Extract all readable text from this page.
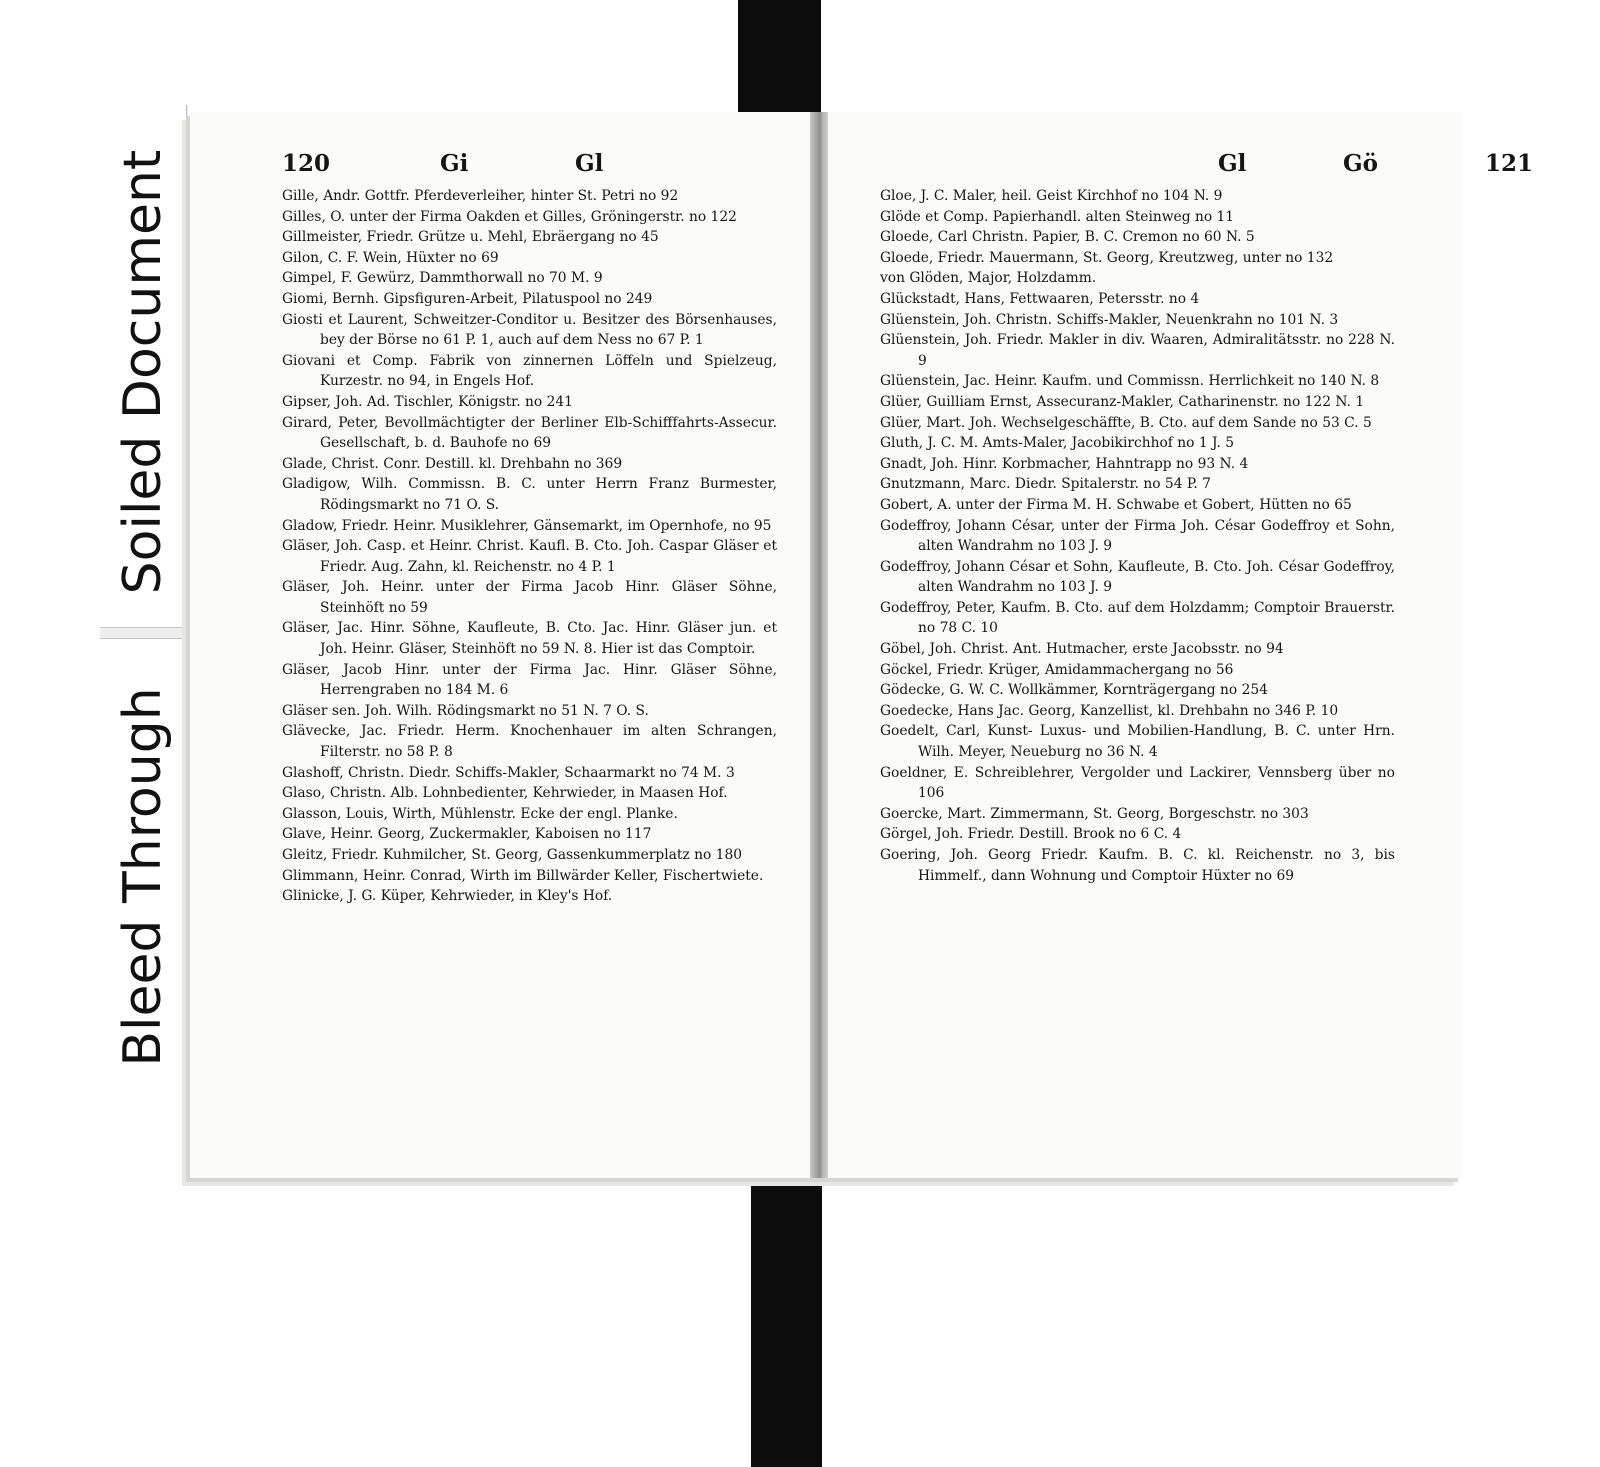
Soiled Document
Bleed Through
120	Gi	Gl

Gille, Andr. Gottfr. Pferdeverleiher, hinter St. Petri no 92

Gilles, O. unter der Firma Oakden et Gilles, Gröningerstr. no 122

Gillmeister, Friedr. Grütze u. Mehl, Ebräergang no 45

Gilon, C. F. Wein, Hüxter no 69

Gimpel, F. Gewürz, Dammthorwall no 70 M. 9

Giomi, Bernh. Gipsfiguren-Arbeit, Pilatuspool no 249

Giosti et Laurent, Schweitzer-Conditor u. Besitzer des Börsenhauses, bey der Börse no 61 P. 1, auch auf dem Ness no 67 P. 1

Giovani et Comp. Fabrik von zinnernen Löffeln und Spielzeug, Kurzestr. no 94, in Engels Hof.

Gipser, Joh. Ad. Tischler, Königstr. no 241

Girard, Peter, Bevollmächtigter der Berliner Elb-Schifffahrts-Assecur. Gesellschaft, b. d. Bauhofe no 69

Glade, Christ. Conr. Destill. kl. Drehbahn no 369

Gladigow, Wilh. Commissn. B. C. unter Herrn Franz Burmester, Rödingsmarkt no 71 O. S.

Gladow, Friedr. Heinr. Musiklehrer, Gänsemarkt, im Opernhofe, no 95

Gläser, Joh. Casp. et Heinr. Christ. Kaufl. B. Cto. Joh. Caspar Gläser et Friedr. Aug. Zahn, kl. Reichenstr. no 4 P. 1

Gläser, Joh. Heinr. unter der Firma Jacob Hinr. Gläser Söhne, Steinhöft no 59

Gläser, Jac. Hinr. Söhne, Kaufleute, B. Cto. Jac. Hinr. Gläser jun. et Joh. Heinr. Gläser, Steinhöft no 59 N. 8. Hier ist das Comptoir.

Gläser, Jacob Hinr. unter der Firma Jac. Hinr. Gläser Söhne, Herrengraben no 184 M. 6

Gläser sen. Joh. Wilh. Rödingsmarkt no 51 N. 7 O. S.

Glävecke, Jac. Friedr. Herm. Knochenhauer im alten Schrangen, Filterstr. no 58 P. 8

Glashoff, Christn. Diedr. Schiffs-Makler, Schaarmarkt no 74 M. 3

Glaso, Christn. Alb. Lohnbedienter, Kehrwieder, in Maasen Hof.

Glasson, Louis, Wirth, Mühlenstr. Ecke der engl. Planke.

Glave, Heinr. Georg, Zuckermakler, Kaboisen no 117

Gleitz, Friedr. Kuhmilcher, St. Georg, Gassenkummerplatz no 180

Glimmann, Heinr. Conrad, Wirth im Billwärder Keller, Fischertwiete.

Glinicke, J. G. Küper, Kehrwieder, in Kley's Hof.

Gl	Gö	121

Gloe, J. C. Maler, heil. Geist Kirchhof no 104 N. 9

Glöde et Comp. Papierhandl. alten Steinweg no 11

Gloede, Carl Christn. Papier, B. C. Cremon no 60 N. 5

Gloede, Friedr. Mauermann, St. Georg, Kreutzweg, unter no 132

von Glöden, Major, Holzdamm.

Glückstadt, Hans, Fettwaaren, Petersstr. no 4

Glüenstein, Joh. Christn. Schiffs-Makler, Neuenkrahn no 101 N. 3

Glüenstein, Joh. Friedr. Makler in div. Waaren, Admiralitätsstr. no 228 N. 9

Glüenstein, Jac. Heinr. Kaufm. und Commissn. Herrlichkeit no 140 N. 8

Glüer, Guilliam Ernst, Assecuranz-Makler, Catharinenstr. no 122 N. 1

Glüer, Mart. Joh. Wechselgeschäffte, B. Cto. auf dem Sande no 53 C. 5

Gluth, J. C. M. Amts-Maler, Jacobikirchhof no 1 J. 5

Gnadt, Joh. Hinr. Korbmacher, Hahntrapp no 93 N. 4

Gnutzmann, Marc. Diedr. Spitalerstr. no 54 P. 7

Gobert, A. unter der Firma M. H. Schwabe et Gobert, Hütten no 65

Godeffroy, Johann César, unter der Firma Joh. César Godeffroy et Sohn, alten Wandrahm no 103 J. 9

Godeffroy, Johann César et Sohn, Kaufleute, B. Cto. Joh. César Godeffroy, alten Wandrahm no 103 J. 9

Godeffroy, Peter, Kaufm. B. Cto. auf dem Holzdamm; Comptoir Brauerstr. no 78 C. 10

Göbel, Joh. Christ. Ant. Hutmacher, erste Jacobsstr. no 94

Göckel, Friedr. Krüger, Amidammachergang no 56

Gödecke, G. W. C. Wollkämmer, Kornträgergang no 254

Goedecke, Hans Jac. Georg, Kanzellist, kl. Drehbahn no 346 P. 10

Goedelt, Carl, Kunst- Luxus- und Mobilien-Handlung, B. C. unter Hrn. Wilh. Meyer, Neueburg no 36 N. 4

Goeldner, E. Schreiblehrer, Vergolder und Lackirer, Vennsberg über no 106

Goercke, Mart. Zimmermann, St. Georg, Borgeschstr. no 303

Görgel, Joh. Friedr. Destill. Brook no 6 C. 4

Goering, Joh. Georg Friedr. Kaufm. B. C. kl. Reichenstr. no 3, bis Himmelf., dann Wohnung und Comptoir Hüxter no 69
